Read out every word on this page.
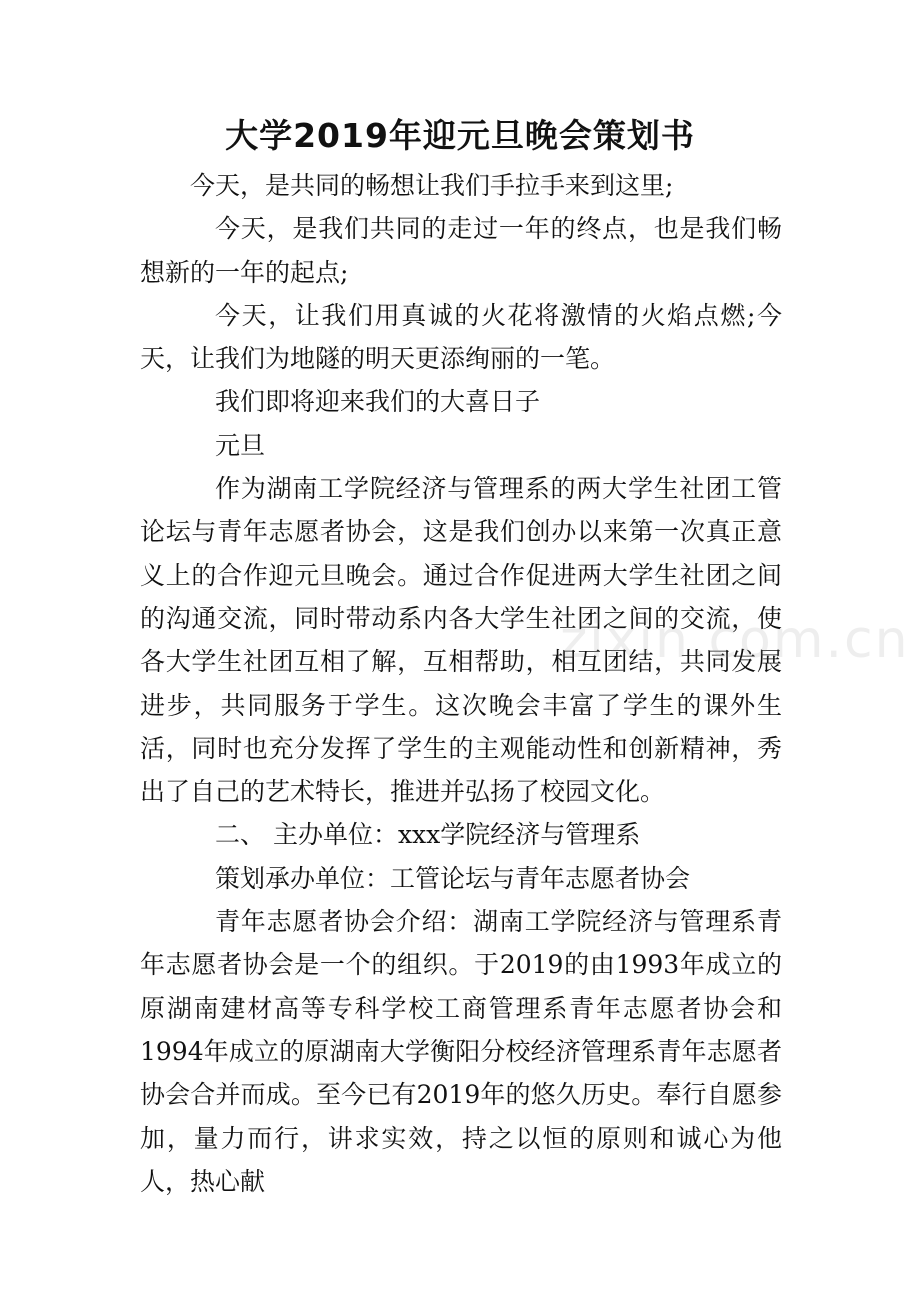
大学2019年迎元旦晚会策划书

今天，是共同的畅想让我们手拉手来到这里;

今天，是我们共同的走过一年的终点，也是我们畅想新的一年的起点;

今天，让我们用真诚的火花将激情的火焰点燃;今天，让我们为地隧的明天更添绚丽的一笔。

我们即将迎来我们的大喜日子

元旦

作为湖南工学院经济与管理系的两大学生社团工管论坛与青年志愿者协会，这是我们创办以来第一次真正意义上的合作迎元旦晚会。通过合作促进两大学生社团之间的沟通交流，同时带动系内各大学生社团之间的交流，使各大学生社团互相了解，互相帮助，相互团结，共同发展进步，共同服务于学生。这次晚会丰富了学生的课外生活，同时也充分发挥了学生的主观能动性和创新精神，秀出了自己的艺术特长，推进并弘扬了校园文化。

二、 主办单位：xxx学院经济与管理系

策划承办单位：工管论坛与青年志愿者协会

青年志愿者协会介绍：湖南工学院经济与管理系青年志愿者协会是一个的组织。于2019的由1993年成立的原湖南建材高等专科学校工商管理系青年志愿者协会和1994年成立的原湖南大学衡阳分校经济管理系青年志愿者协会合并而成。至今已有2019年的悠久历史。奉行自愿参加，量力而行，讲求实效，持之以恒的原则和诚心为他人，热心献

zixin.com.cn
